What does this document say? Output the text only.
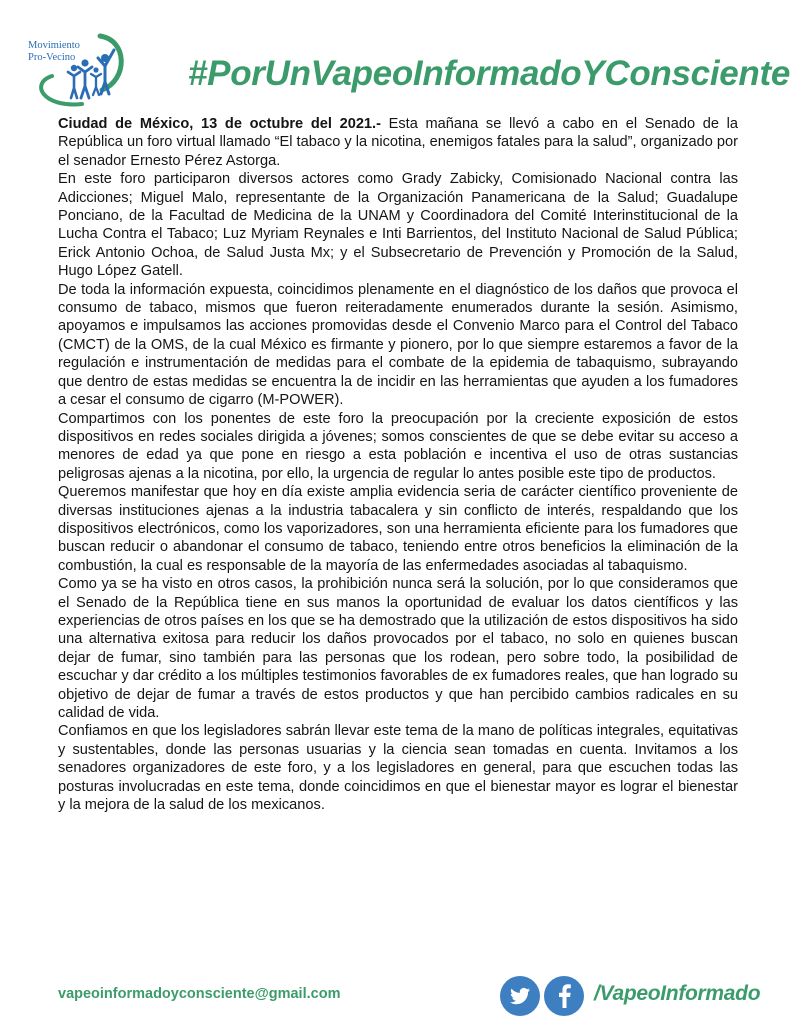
Movimiento
Pro-Vecino	#PorUnVapeoInformadoYConsciente

Ciudad de México, 13 de octubre del 2021.- Esta mañana se llevó a cabo en el Senado de la República un foro virtual llamado “El tabaco y la nicotina, enemigos fatales para la salud”, organizado por el senador Ernesto Pérez Astorga.

En este foro participaron diversos actores como Grady Zabicky, Comisionado Nacional contra las Adicciones; Miguel Malo, representante de la Organización Panamericana de la Salud; Guadalupe Ponciano, de la Facultad de Medicina de la UNAM y Coordinadora del Comité Interinstitucional de la Lucha Contra el Tabaco; Luz Myriam Reynales e Inti Barrientos, del Instituto Nacional de Salud Pública; Erick Antonio Ochoa, de Salud Justa Mx; y el Subsecretario de Prevención y Promoción de la Salud, Hugo López Gatell.

De toda la información expuesta, coincidimos plenamente en el diagnóstico de los daños que provoca el consumo de tabaco, mismos que fueron reiteradamente enumerados durante la sesión. Asimismo, apoyamos e impulsamos las acciones promovidas desde el Convenio Marco para el Control del Tabaco (CMCT) de la OMS, de la cual México es firmante y pionero, por lo que siempre estaremos a favor de la regulación e instrumentación de medidas para el combate de la epidemia de tabaquismo, subrayando que dentro de estas medidas se encuentra la de incidir en las herramientas que ayuden a los fumadores a cesar el consumo de cigarro (M-POWER).

Compartimos con los ponentes de este foro la preocupación por la creciente exposición de estos dispositivos en redes sociales dirigida a jóvenes; somos conscientes de que se debe evitar su acceso a menores de edad ya que pone en riesgo a esta población e incentiva el uso de otras sustancias peligrosas ajenas a la nicotina, por ello, la urgencia de regular lo antes posible este tipo de productos.

Queremos manifestar que hoy en día existe amplia evidencia seria de carácter científico proveniente de diversas instituciones ajenas a la industria tabacalera y sin conflicto de interés, respaldando que los dispositivos electrónicos, como los vaporizadores, son una herramienta eficiente para los fumadores que buscan reducir o abandonar el consumo de tabaco, teniendo entre otros beneficios la eliminación de la combustión, la cual es responsable de la mayoría de las enfermedades asociadas al tabaquismo.

Como ya se ha visto en otros casos, la prohibición nunca será la solución, por lo que consideramos que el Senado de la República tiene en sus manos la oportunidad de evaluar los datos científicos y las experiencias de otros países en los que se ha demostrado que la utilización de estos dispositivos ha sido una alternativa exitosa para reducir los daños provocados por el tabaco, no solo en quienes buscan dejar de fumar, sino también para las personas que los rodean, pero sobre todo, la posibilidad de escuchar y dar crédito a los múltiples testimonios favorables de ex fumadores reales, que han logrado su objetivo de dejar de fumar a través de estos productos y que han percibido cambios radicales en su calidad de vida.

Confiamos en que los legisladores sabrán llevar este tema de la mano de políticas integrales, equitativas y sustentables, donde las personas usuarias y la ciencia sean tomadas en cuenta. Invitamos a los senadores organizadores de este foro, y a los legisladores en general, para que escuchen todas las posturas involucradas en este tema, donde coincidimos en que el bienestar mayor es lograr el bienestar y la mejora de la salud de los mexicanos.

vapeoinformadoyconsciente@gmail.com	/VapeoInformado
